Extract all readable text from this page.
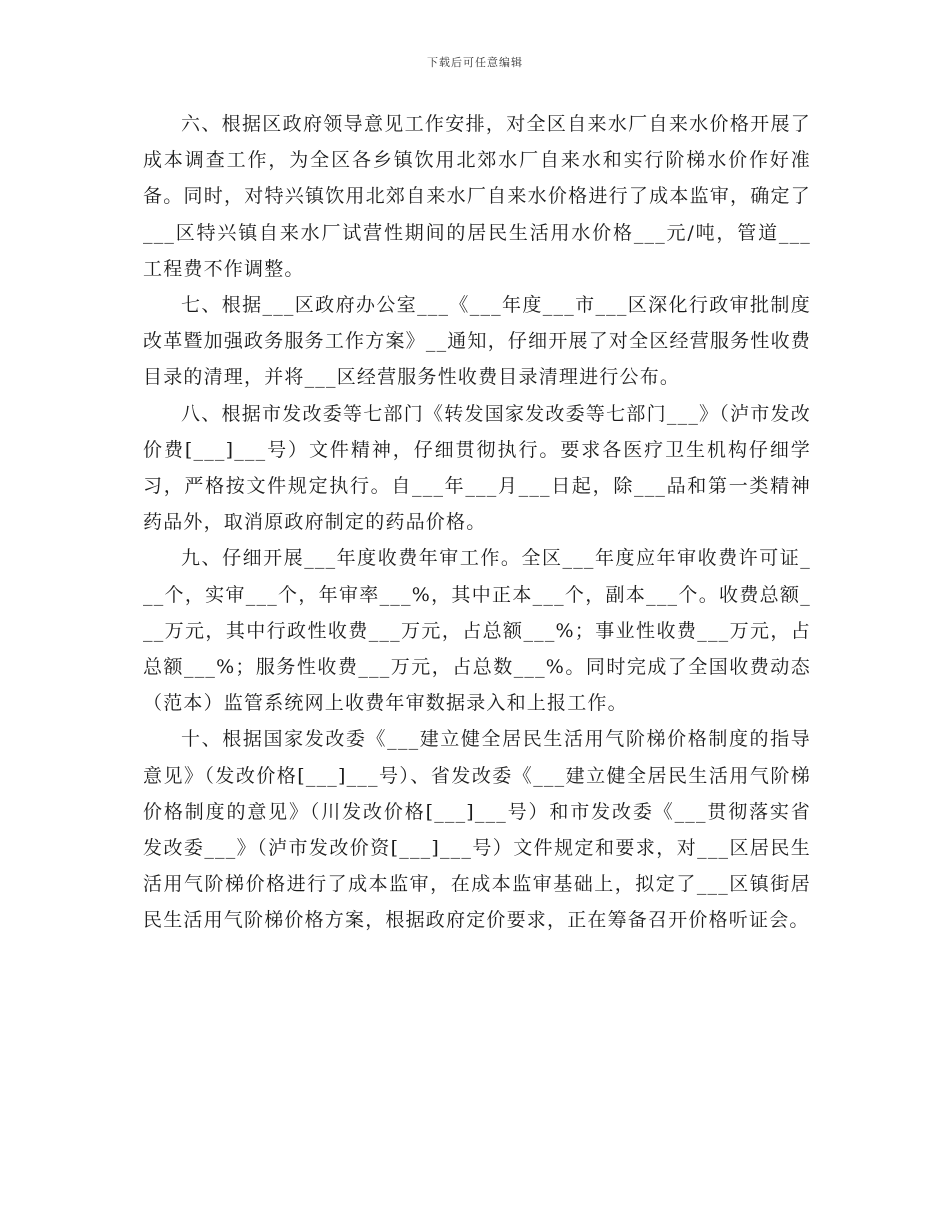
下载后可任意编辑

六、根据区政府领导意见工作安排，对全区自来水厂自来水价格开展了成本调查工作，为全区各乡镇饮用北郊水厂自来水和实行阶梯水价作好准备。同时，对特兴镇饮用北郊自来水厂自来水价格进行了成本监审，确定了___区特兴镇自来水厂试营性期间的居民生活用水价格___元/吨，管道___工程费不作调整。

七、根据___区政府办公室___《___年度___市___区深化行政审批制度改革暨加强政务服务工作方案》__通知，仔细开展了对全区经营服务性收费目录的清理，并将___区经营服务性收费目录清理进行公布。

八、根据市发改委等七部门《转发国家发改委等七部门___》（泸市发改价费[___]___号）文件精神，仔细贯彻执行。要求各医疗卫生机构仔细学习，严格按文件规定执行。自___年___月___日起，除___品和第一类精神药品外，取消原政府制定的药品价格。

九、仔细开展___年度收费年审工作。全区___年度应年审收费许可证___个，实审___个，年审率___%，其中正本___个，副本___个。收费总额___万元，其中行政性收费___万元，占总额___%；事业性收费___万元，占总额___%；服务性收费___万元，占总数___%。同时完成了全国收费动态（范本）监管系统网上收费年审数据录入和上报工作。

十、根据国家发改委《___建立健全居民生活用气阶梯价格制度的指导意见》（发改价格[___]___号）、省发改委《___建立健全居民生活用气阶梯价格制度的意见》（川发改价格[___]___号）和市发改委《___贯彻落实省发改委___》（泸市发改价资[___]___号）文件规定和要求，对___区居民生活用气阶梯价格进行了成本监审，在成本监审基础上，拟定了___区镇街居民生活用气阶梯价格方案，根据政府定价要求，正在筹备召开价格听证会。
